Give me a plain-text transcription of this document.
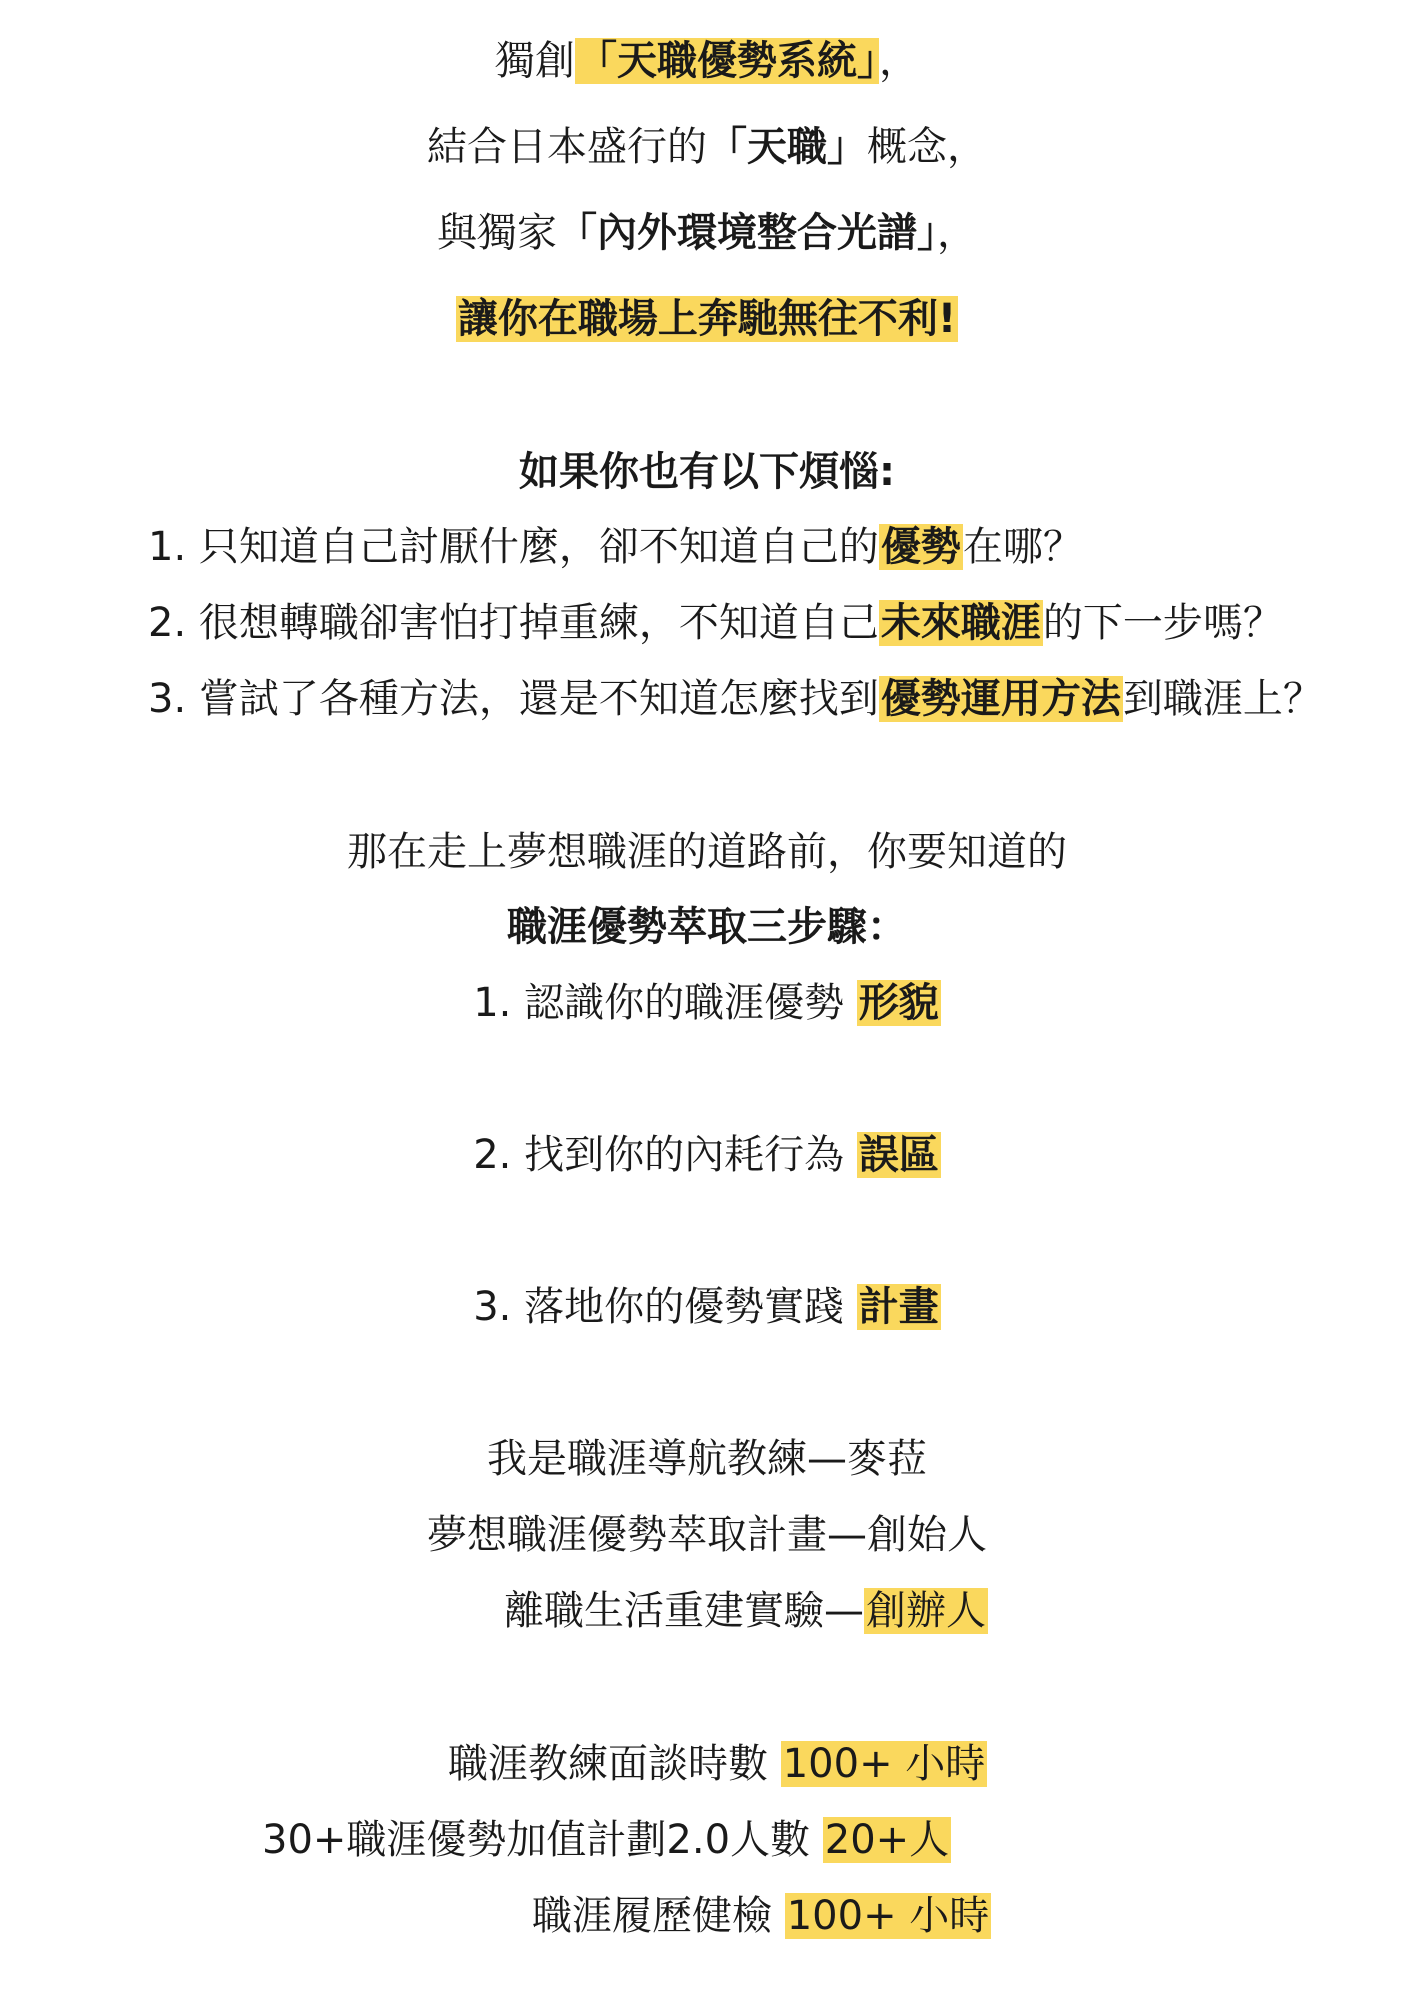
獨創「天職優勢系統」，
結合日本盛行的「天職」概念，
與獨家「內外環境整合光譜」，
讓你在職場上奔馳無往不利!
如果你也有以下煩惱:
1. 只知道自己討厭什麼，卻不知道自己的優勢在哪？
2. 很想轉職卻害怕打掉重練，不知道自己未來職涯的下一步嗎？
3. 嘗試了各種方法，還是不知道怎麼找到優勢運用方法到職涯上？
那在走上夢想職涯的道路前，你要知道的
職涯優勢萃取三步驟：
1. 認識你的職涯優勢 形貌
2. 找到你的內耗行為 誤區
3. 落地你的優勢實踐 計畫
我是職涯導航教練—麥菈
夢想職涯優勢萃取計畫—創始人
離職生活重建實驗—創辦人
職涯教練面談時數 100+ 小時
30+職涯優勢加值計劃2.0人數 20+人
職涯履歷健檢 100+ 小時
